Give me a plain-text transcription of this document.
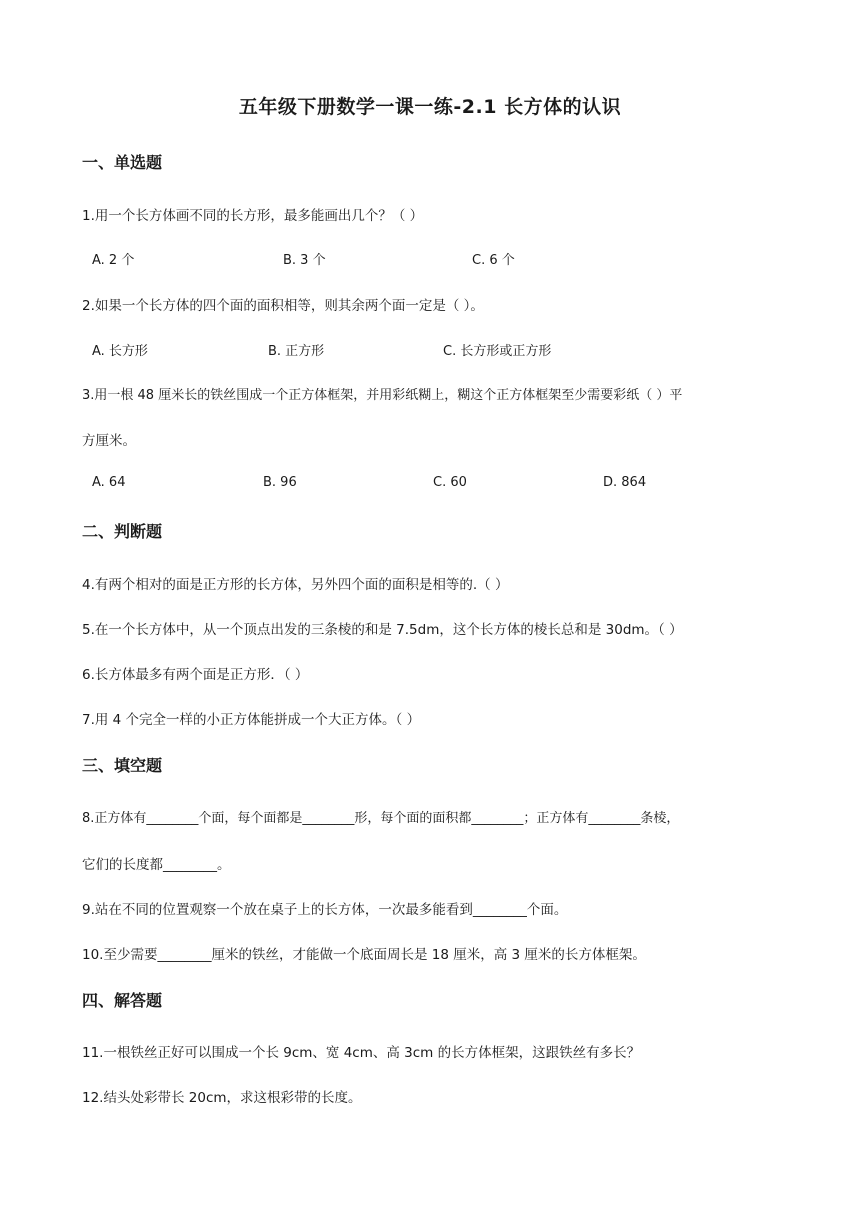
五年级下册数学一课一练-2.1 长方体的认识
一、单选题
1.用一个长方体画不同的长方形，最多能画出几个？（ ）
A. 2 个	B. 3 个	C. 6 个
2.如果一个长方体的四个面的面积相等，则其余两个面一定是（ ）。
A. 长方形	B. 正方形	C. 长方形或正方形
3.用一根 48 厘米长的铁丝围成一个正方体框架，并用彩纸糊上，糊这个正方体框架至少需要彩纸（ ）平
方厘米。
A. 64	B. 96	C. 60	D. 864
二、判断题
4.有两个相对的面是正方形的长方体，另外四个面的面积是相等的.（ ）
5.在一个长方体中，从一个顶点出发的三条棱的和是 7.5dm，这个长方体的棱长总和是 30dm。（ ）
6.长方体最多有两个面是正方形．（ ）
7.用 4 个完全一样的小正方体能拼成一个大正方体。（ ）
三、填空题
8.正方体有________个面，每个面都是________形，每个面的面积都________；正方体有________条棱，
它们的长度都________。
9.站在不同的位置观察一个放在桌子上的长方体，一次最多能看到________个面。
10.至少需要________厘米的铁丝，才能做一个底面周长是 18 厘米，高 3 厘米的长方体框架。
四、解答题
11.一根铁丝正好可以围成一个长 9cm、宽 4cm、高 3cm 的长方体框架，这跟铁丝有多长？
12.结头处彩带长 20cm，求这根彩带的长度。
